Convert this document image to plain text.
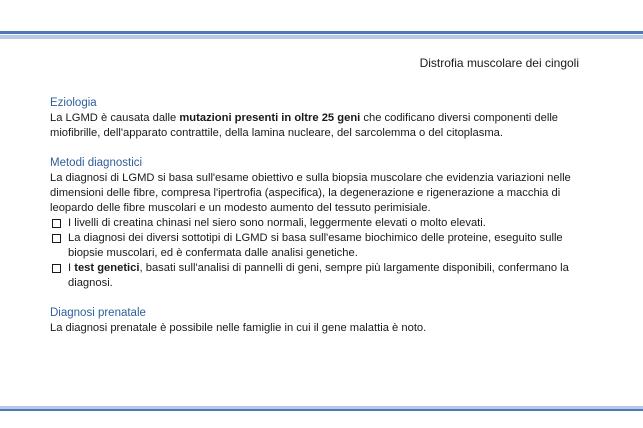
Distrofia muscolare dei cingoli
Eziologia

La LGMD è causata dalle mutazioni presenti in oltre 25 geni che codificano diversi componenti delle miofibrille, dell'apparato contrattile, della lamina nucleare, del sarcolemma o del citoplasma.

Metodi diagnostici

La diagnosi di LGMD si basa sull'esame obiettivo e sulla biopsia muscolare che evidenzia variazioni nelle dimensioni delle fibre, compresa l'ipertrofia (aspecifica), la degenerazione e rigenerazione a macchia di leopardo delle fibre muscolari e un modesto aumento del tessuto perimisiale.

I livelli di creatina chinasi nel siero sono normali, leggermente elevati o molto elevati.
La diagnosi dei diversi sottotipi di LGMD si basa sull'esame biochimico delle proteine, eseguito sulle biopsie muscolari, ed è confermata dalle analisi genetiche.
I test genetici, basati sull'analisi di pannelli di geni, sempre più largamente disponibili, confermano la diagnosi.
Diagnosi prenatale

La diagnosi prenatale è possibile nelle famiglie in cui il gene malattia è noto.
